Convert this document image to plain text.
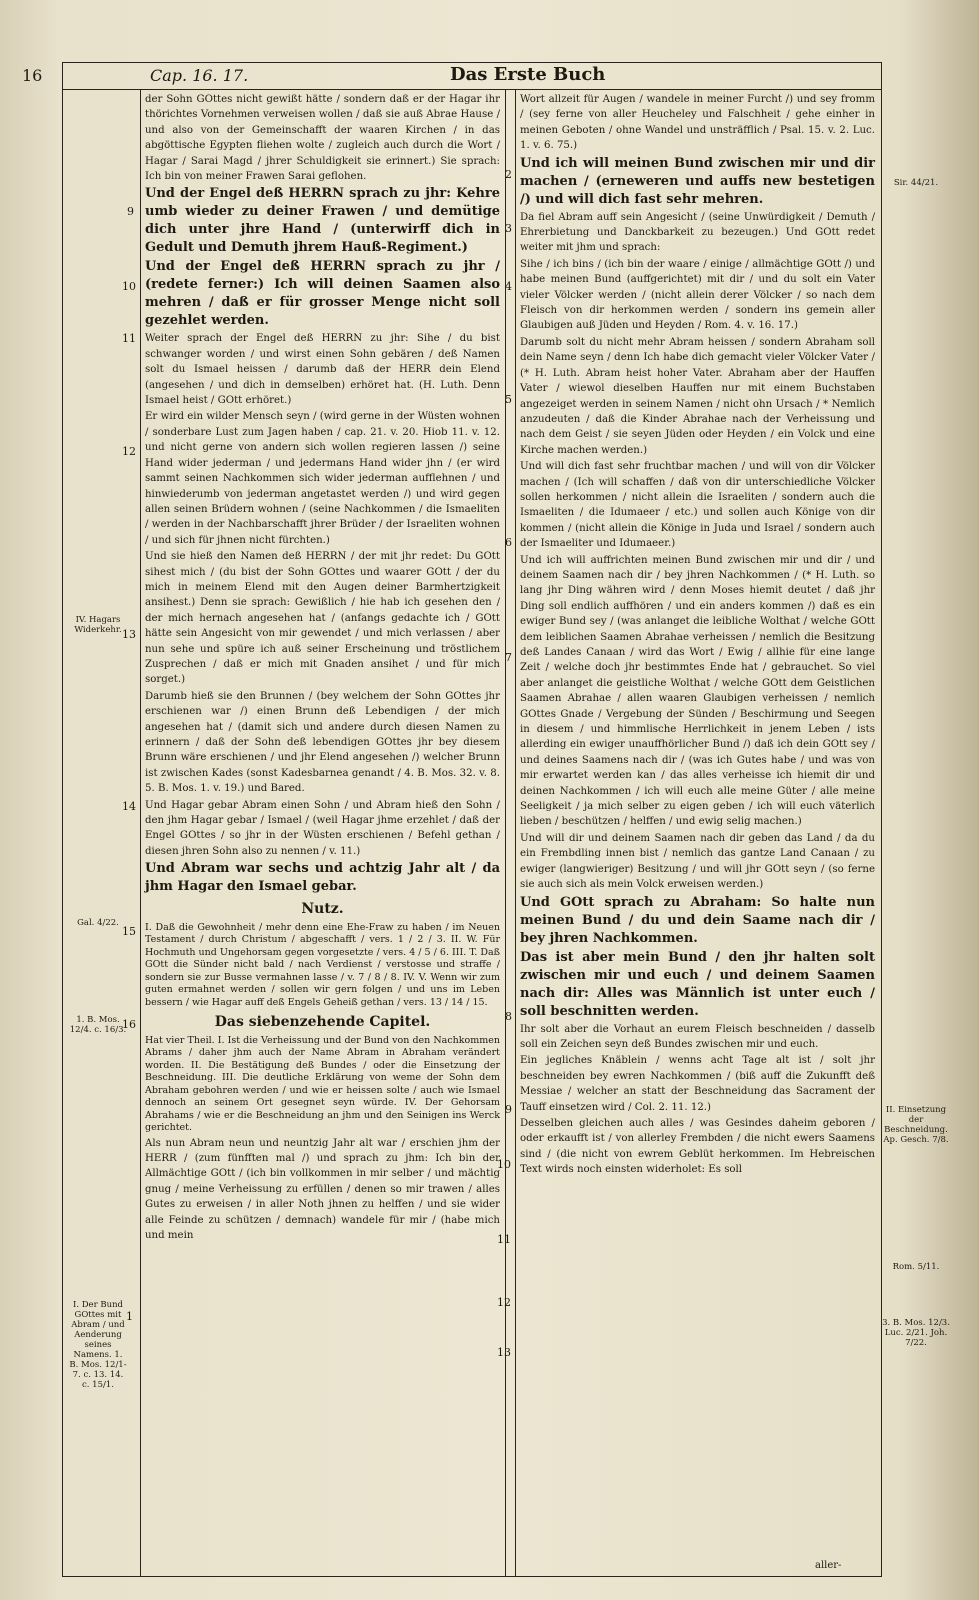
16	Cap. 16. 17.	Das Erste Buch

der Sohn GOttes nicht gewißt hätte / sondern daß er der Hagar ihr thörichtes Vornehmen verweisen wollen / daß sie auß Abrae Hause / und also von der Gemeinschafft der waaren Kirchen / in das abgöttische Egypten fliehen wolte / zugleich auch durch die Wort / Hagar / Sarai Magd / jhrer Schuldigkeit sie erinnert.) Sie sprach: Ich bin von meiner Frawen Sarai geflohen.

Und der Engel deß HERRN sprach zu jhr: Kehre umb wieder zu deiner Frawen / und demütige dich unter jhre Hand / (unterwirff dich in Gedult und Demuth jhrem Hauß-Regiment.)

Und der Engel deß HERRN sprach zu jhr / (redete ferner:) Ich will deinen Saamen also mehren / daß er für grosser Menge nicht soll gezehlet werden.

Weiter sprach der Engel deß HERRN zu jhr: Sihe / du bist schwanger worden / und wirst einen Sohn gebären / deß Namen solt du Ismael heissen / darumb daß der HERR dein Elend (angesehen / und dich in demselben) erhöret hat. (H. Luth. Denn Ismael heist / GOtt erhöret.)

Er wird ein wilder Mensch seyn / (wird gerne in der Wüsten wohnen / sonderbare Lust zum Jagen haben / cap. 21. v. 20. Hiob 11. v. 12. und nicht gerne von andern sich wollen regieren lassen /) seine Hand wider jederman / und jedermans Hand wider jhn / (er wird sammt seinen Nachkommen sich wider jederman aufflehnen / und hinwiederumb von jederman angetastet werden /) und wird gegen allen seinen Brüdern wohnen / (seine Nachkommen / die Ismaeliten / werden in der Nachbarschafft jhrer Brüder / der Israeliten wohnen / und sich für jhnen nicht fürchten.)

Und sie hieß den Namen deß HERRN / der mit jhr redet: Du GOtt sihest mich / (du bist der Sohn GOttes und waarer GOtt / der du mich in meinem Elend mit den Augen deiner Barmhertzigkeit ansihest.) Denn sie sprach: Gewißlich / hie hab ich gesehen den / der mich hernach angesehen hat / (anfangs gedachte ich / GOtt hätte sein Angesicht von mir gewendet / und mich verlassen / aber nun sehe und spüre ich auß seiner Erscheinung und tröstlichem Zusprechen / daß er mich mit Gnaden ansihet / und für mich sorget.)

Darumb hieß sie den Brunnen / (bey welchem der Sohn GOttes jhr erschienen war /) einen Brunn deß Lebendigen / der mich angesehen hat / (damit sich und andere durch diesen Namen zu erinnern / daß der Sohn deß lebendigen GOttes jhr bey diesem Brunn wäre erschienen / und jhr Elend angesehen /) welcher Brunn ist zwischen Kades (sonst Kadesbarnea genandt / 4. B. Mos. 32. v. 8. 5. B. Mos. 1. v. 19.) und Bared.

Und Hagar gebar Abram einen Sohn / und Abram hieß den Sohn / den jhm Hagar gebar / Ismael / (weil Hagar jhme erzehlet / daß der Engel GOttes / so jhr in der Wüsten erschienen / Befehl gethan / diesen jhren Sohn also zu nennen / v. 11.)

Und Abram war sechs und achtzig Jahr alt / da jhm Hagar den Ismael gebar.

Nutz.

I. Daß die Gewohnheit / mehr denn eine Ehe-Fraw zu haben / im Neuen Testament / durch Christum / abgeschafft / vers. 1 / 2 / 3. II. W. Für Hochmuth und Ungehorsam gegen vorgesetzte / vers. 4 / 5 / 6. III. T. Daß GOtt die Sünder nicht bald / nach Verdienst / verstosse und straffe / sondern sie zur Busse vermahnen lasse / v. 7 / 8 / 8. IV. V. Wenn wir zum guten ermahnet werden / sollen wir gern folgen / und uns im Leben bessern / wie Hagar auff deß Engels Geheiß gethan / vers. 13 / 14 / 15.

Das siebenzehende Capitel.

Hat vier Theil. I. Ist die Verheissung und der Bund von den Nachkommen Abrams / daher jhm auch der Name Abram in Abraham verändert worden. II. Die Bestätigung deß Bundes / oder die Einsetzung der Beschneidung. III. Die deutliche Erklärung von weme der Sohn dem Abraham gebohren werden / und wie er heissen solte / auch wie Ismael dennoch an seinem Ort gesegnet seyn würde. IV. Der Gehorsam Abrahams / wie er die Beschneidung an jhm und den Seinigen ins Werck gerichtet.

Als nun Abram neun und neuntzig Jahr alt war / erschien jhm der HERR / (zum fünfften mal /) und sprach zu jhm: Ich bin der Allmächtige GOtt / (ich bin vollkommen in mir selber / und mächtig gnug / meine Verheissung zu erfüllen / denen so mir trawen / alles Gutes zu erweisen / in aller Noth jhnen zu helffen / und sie wider alle Feinde zu schützen / demnach) wandele für mir / (habe mich und mein

Wort allzeit für Augen / wandele in meiner Furcht /) und sey fromm / (sey ferne von aller Heucheley und Falschheit / gehe einher in meinen Geboten / ohne Wandel und unsträfflich / Psal. 15. v. 2. Luc. 1. v. 6. 75.)

Und ich will meinen Bund zwischen mir und dir machen / (erneweren und auffs new bestetigen /) und will dich fast sehr mehren.

Da fiel Abram auff sein Angesicht / (seine Unwürdigkeit / Demuth / Ehrerbietung und Danckbarkeit zu bezeugen.) Und GOtt redet weiter mit jhm und sprach:

Sihe / ich bins / (ich bin der waare / einige / allmächtige GOtt /) und habe meinen Bund (auffgerichtet) mit dir / und du solt ein Vater vieler Völcker werden / (nicht allein derer Völcker / so nach dem Fleisch von dir herkommen werden / sondern ins gemein aller Glaubigen auß Jüden und Heyden / Rom. 4. v. 16. 17.)

Darumb solt du nicht mehr Abram heissen / sondern Abraham soll dein Name seyn / denn Ich habe dich gemacht vieler Völcker Vater / (* H. Luth. Abram heist hoher Vater. Abraham aber der Hauffen Vater / wiewol dieselben Hauffen nur mit einem Buchstaben angezeiget werden in seinem Namen / nicht ohn Ursach / * Nemlich anzudeuten / daß die Kinder Abrahae nach der Verheissung und nach dem Geist / sie seyen Jüden oder Heyden / ein Volck und eine Kirche machen werden.)

Und will dich fast sehr fruchtbar machen / und will von dir Völcker machen / (Ich will schaffen / daß von dir unterschiedliche Völcker sollen herkommen / nicht allein die Israeliten / sondern auch die Ismaeliten / die Idumaeer / etc.) und sollen auch Könige von dir kommen / (nicht allein die Könige in Juda und Israel / sondern auch der Ismaeliter und Idumaeer.)

Und ich will auffrichten meinen Bund zwischen mir und dir / und deinem Saamen nach dir / bey jhren Nachkommen / (* H. Luth. so lang jhr Ding währen wird / denn Moses hiemit deutet / daß jhr Ding soll endlich auffhören / und ein anders kommen /) daß es ein ewiger Bund sey / (was anlanget die leibliche Wolthat / welche GOtt dem leiblichen Saamen Abrahae verheissen / nemlich die Besitzung deß Landes Canaan / wird das Wort / Ewig / allhie für eine lange Zeit / welche doch jhr bestimmtes Ende hat / gebrauchet. So viel aber anlanget die geistliche Wolthat / welche GOtt dem Geistlichen Saamen Abrahae / allen waaren Glaubigen verheissen / nemlich GOttes Gnade / Vergebung der Sünden / Beschirmung und Seegen in diesem / und himmlische Herrlichkeit in jenem Leben / ists allerding ein ewiger unauffhörlicher Bund /) daß ich dein GOtt sey / und deines Saamens nach dir / (was ich Gutes habe / und was von mir erwartet werden kan / das alles verheisse ich hiemit dir und deinen Nachkommen / ich will euch alle meine Güter / alle meine Seeligkeit / ja mich selber zu eigen geben / ich will euch väterlich lieben / beschützen / helffen / und ewig selig machen.)

Und will dir und deinem Saamen nach dir geben das Land / da du ein Frembdling innen bist / nemlich das gantze Land Canaan / zu ewiger (langwieriger) Besitzung / und will jhr GOtt seyn / (so ferne sie auch sich als mein Volck erweisen werden.)

Und GOtt sprach zu Abraham: So halte nun meinen Bund / du und dein Saame nach dir / bey jhren Nachkommen.

Das ist aber mein Bund / den jhr halten solt zwischen mir und euch / und deinem Saamen nach dir: Alles was Männlich ist unter euch / soll beschnitten werden.

Ihr solt aber die Vorhaut an eurem Fleisch beschneiden / dasselb soll ein Zeichen seyn deß Bundes zwischen mir und euch.

Ein jegliches Knäblein / wenns acht Tage alt ist / solt jhr beschneiden bey ewren Nachkommen / (biß auff die Zukunfft deß Messiae / welcher an statt der Beschneidung das Sacrament der Tauff einsetzen wird / Col. 2. 11. 12.)

Desselben gleichen auch alles / was Gesindes daheim geboren / oder erkaufft ist / von allerley Frembden / die nicht ewers Saamens sind / (die nicht von ewrem Geblüt herkommen. Im Hebreischen Text wirds noch einsten widerholet: Es soll

9
10
11
12
13
14
15
16
1
2
3
4
5
6
7
8
9
10
11
12
13
IV. Hagars Widerkehr.
Gal. 4/22.
1. B. Mos. 12/4. c. 16/3.
I. Der Bund GOttes mit Abram / und Aenderung seines Namens. 1. B. Mos. 12/1-7. c. 13. 14. c. 15/1.
Sir. 44/21.
II. Einsetzung der Beschneidung. Ap. Gesch. 7/8.
Rom. 5/11.
3. B. Mos. 12/3. Luc. 2/21. Joh. 7/22.
aller-
